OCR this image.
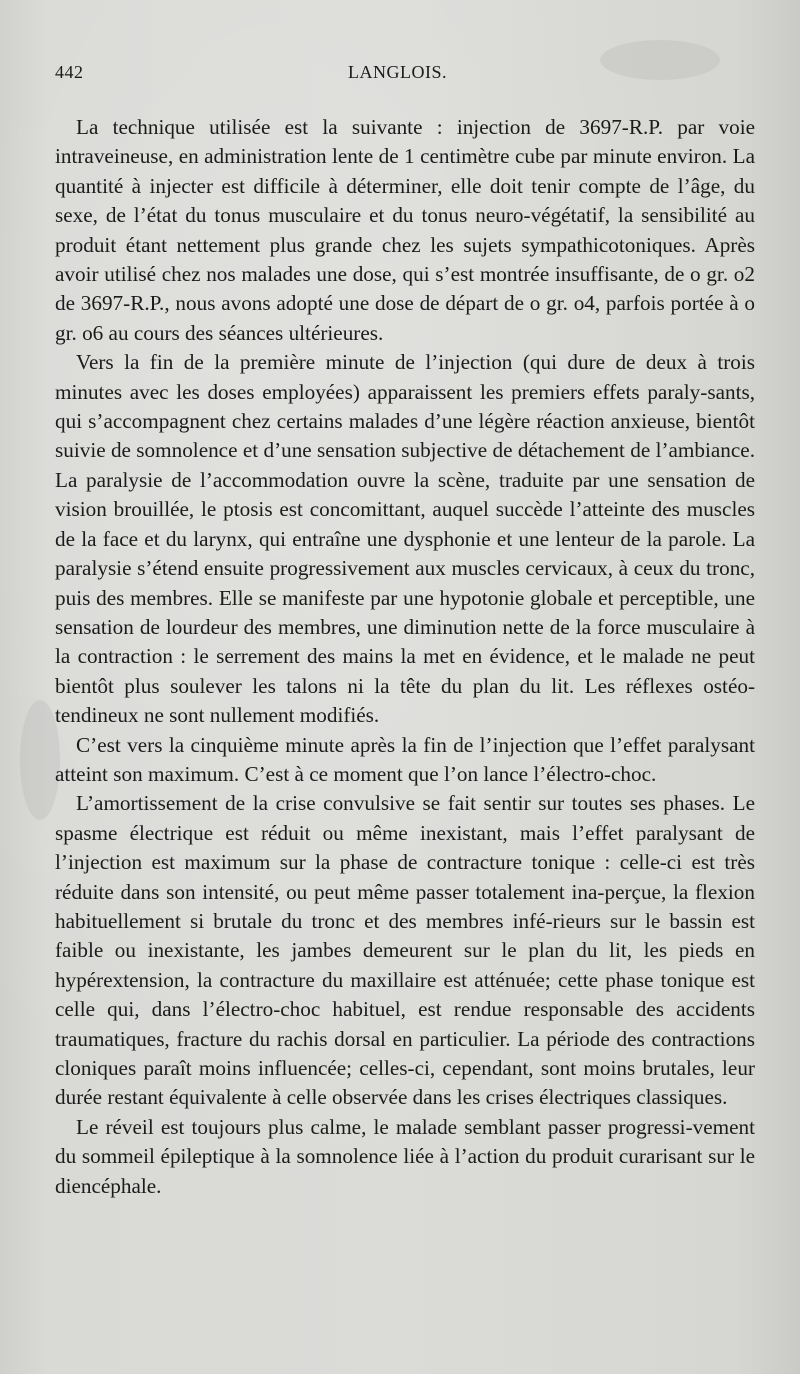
442	LANGLOIS.

La technique utilisée est la suivante : injection de 3697-R.P. par voie intraveineuse, en administration lente de 1 centimètre cube par minute environ. La quantité à injecter est difficile à déterminer, elle doit tenir compte de l’âge, du sexe, de l’état du tonus musculaire et du tonus neuro-végétatif, la sensibilité au produit étant nettement plus grande chez les sujets sympathicotoniques. Après avoir utilisé chez nos malades une dose, qui s’est montrée insuffisante, de o gr. o2 de 3697-R.P., nous avons adopté une dose de départ de o gr. o4, parfois portée à o gr. o6 au cours des séances ultérieures.

Vers la fin de la première minute de l’injection (qui dure de deux à trois minutes avec les doses employées) apparaissent les premiers effets paraly-sants, qui s’accompagnent chez certains malades d’une légère réaction anxieuse, bientôt suivie de somnolence et d’une sensation subjective de détachement de l’ambiance. La paralysie de l’accommodation ouvre la scène, traduite par une sensation de vision brouillée, le ptosis est concomittant, auquel succède l’atteinte des muscles de la face et du larynx, qui entraîne une dysphonie et une lenteur de la parole. La paralysie s’étend ensuite progressivement aux muscles cervicaux, à ceux du tronc, puis des membres. Elle se manifeste par une hypotonie globale et perceptible, une sensation de lourdeur des membres, une diminution nette de la force musculaire à la contraction : le serrement des mains la met en évidence, et le malade ne peut bientôt plus soulever les talons ni la tête du plan du lit. Les réflexes ostéo-tendineux ne sont nullement modifiés.

C’est vers la cinquième minute après la fin de l’injection que l’effet paralysant atteint son maximum. C’est à ce moment que l’on lance l’électro-choc.

L’amortissement de la crise convulsive se fait sentir sur toutes ses phases. Le spasme électrique est réduit ou même inexistant, mais l’effet paralysant de l’injection est maximum sur la phase de contracture tonique : celle-ci est très réduite dans son intensité, ou peut même passer totalement ina-perçue, la flexion habituellement si brutale du tronc et des membres infé-rieurs sur le bassin est faible ou inexistante, les jambes demeurent sur le plan du lit, les pieds en hypérextension, la contracture du maxillaire est atténuée; cette phase tonique est celle qui, dans l’électro-choc habituel, est rendue responsable des accidents traumatiques, fracture du rachis dorsal en particulier. La période des contractions cloniques paraît moins influencée; celles-ci, cependant, sont moins brutales, leur durée restant équivalente à celle observée dans les crises électriques classiques.

Le réveil est toujours plus calme, le malade semblant passer progressi-vement du sommeil épileptique à la somnolence liée à l’action du produit curarisant sur le diencéphale.
